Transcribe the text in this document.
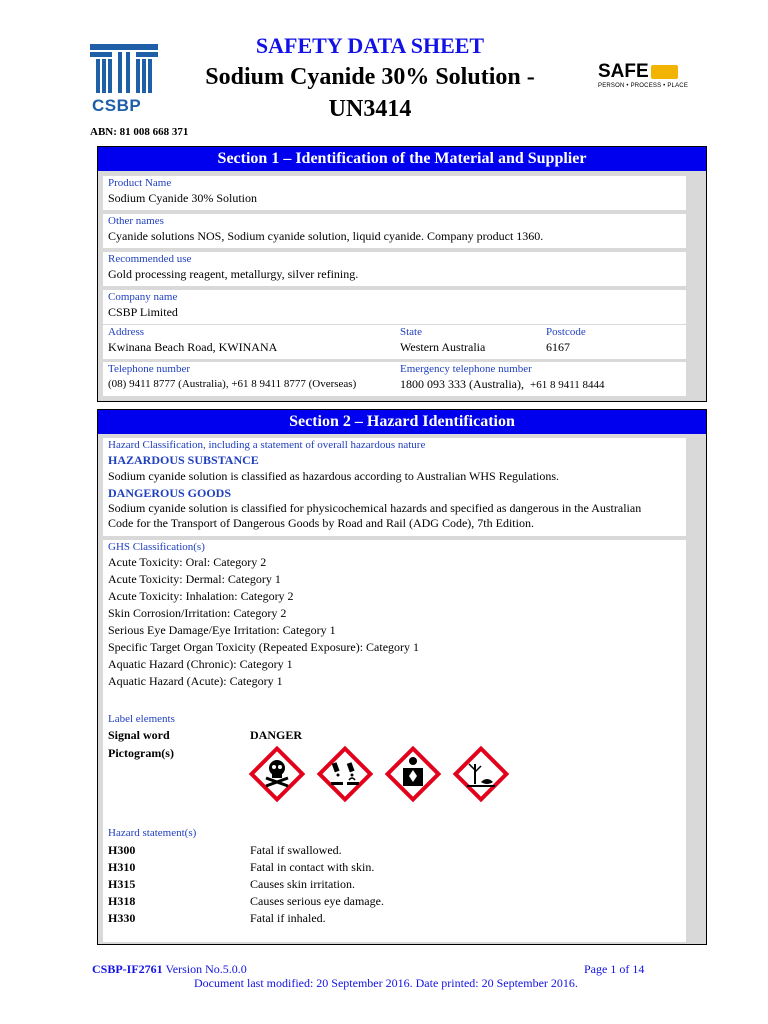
CSBP
SAFETY DATA SHEET
Sodium Cyanide 30% Solution -
UN3414
SAFE
PERSON • PROCESS • PLACE
ABN: 81 008 668 371
Section 1 – Identification of the Material and Supplier
Product Name
Sodium Cyanide 30% Solution
Other names
Cyanide solutions NOS, Sodium cyanide solution, liquid cyanide. Company product 1360.
Recommended use
Gold processing reagent, metallurgy, silver refining.
Company name
CSBP Limited
Address
Kwinana Beach Road, KWINANA
State
Western Australia
Postcode
6167
Telephone number
(08) 9411 8777 (Australia), +61 8 9411 8777 (Overseas)
Emergency telephone number
1800 093 333 (Australia), +61 8 9411 8444
Section 2 – Hazard Identification
Hazard Classification, including a statement of overall hazardous nature
HAZARDOUS SUBSTANCE
Sodium cyanide solution is classified as hazardous according to Australian WHS Regulations.
DANGEROUS GOODS
Sodium cyanide solution is classified for physicochemical hazards and specified as dangerous in the Australian
Code for the Transport of Dangerous Goods by Road and Rail (ADG Code), 7th Edition.
GHS Classification(s)
Acute Toxicity: Oral: Category 2
Acute Toxicity: Dermal: Category 1
Acute Toxicity: Inhalation: Category 2
Skin Corrosion/Irritation: Category 2
Serious Eye Damage/Eye Irritation: Category 1
Specific Target Organ Toxicity (Repeated Exposure): Category 1
Aquatic Hazard (Chronic): Category 1
Aquatic Hazard (Acute): Category 1
Label elements
Signal word	DANGER
Pictogram(s)
Hazard statement(s)
H300	Fatal if swallowed.
H310	Fatal in contact with skin.
H315	Causes skin irritation.
H318	Causes serious eye damage.
H330	Fatal if inhaled.
CSBP-IF2761 Version No.5.0.0	Page 1 of 14
Document last modified: 20 September 2016. Date printed: 20 September 2016.
